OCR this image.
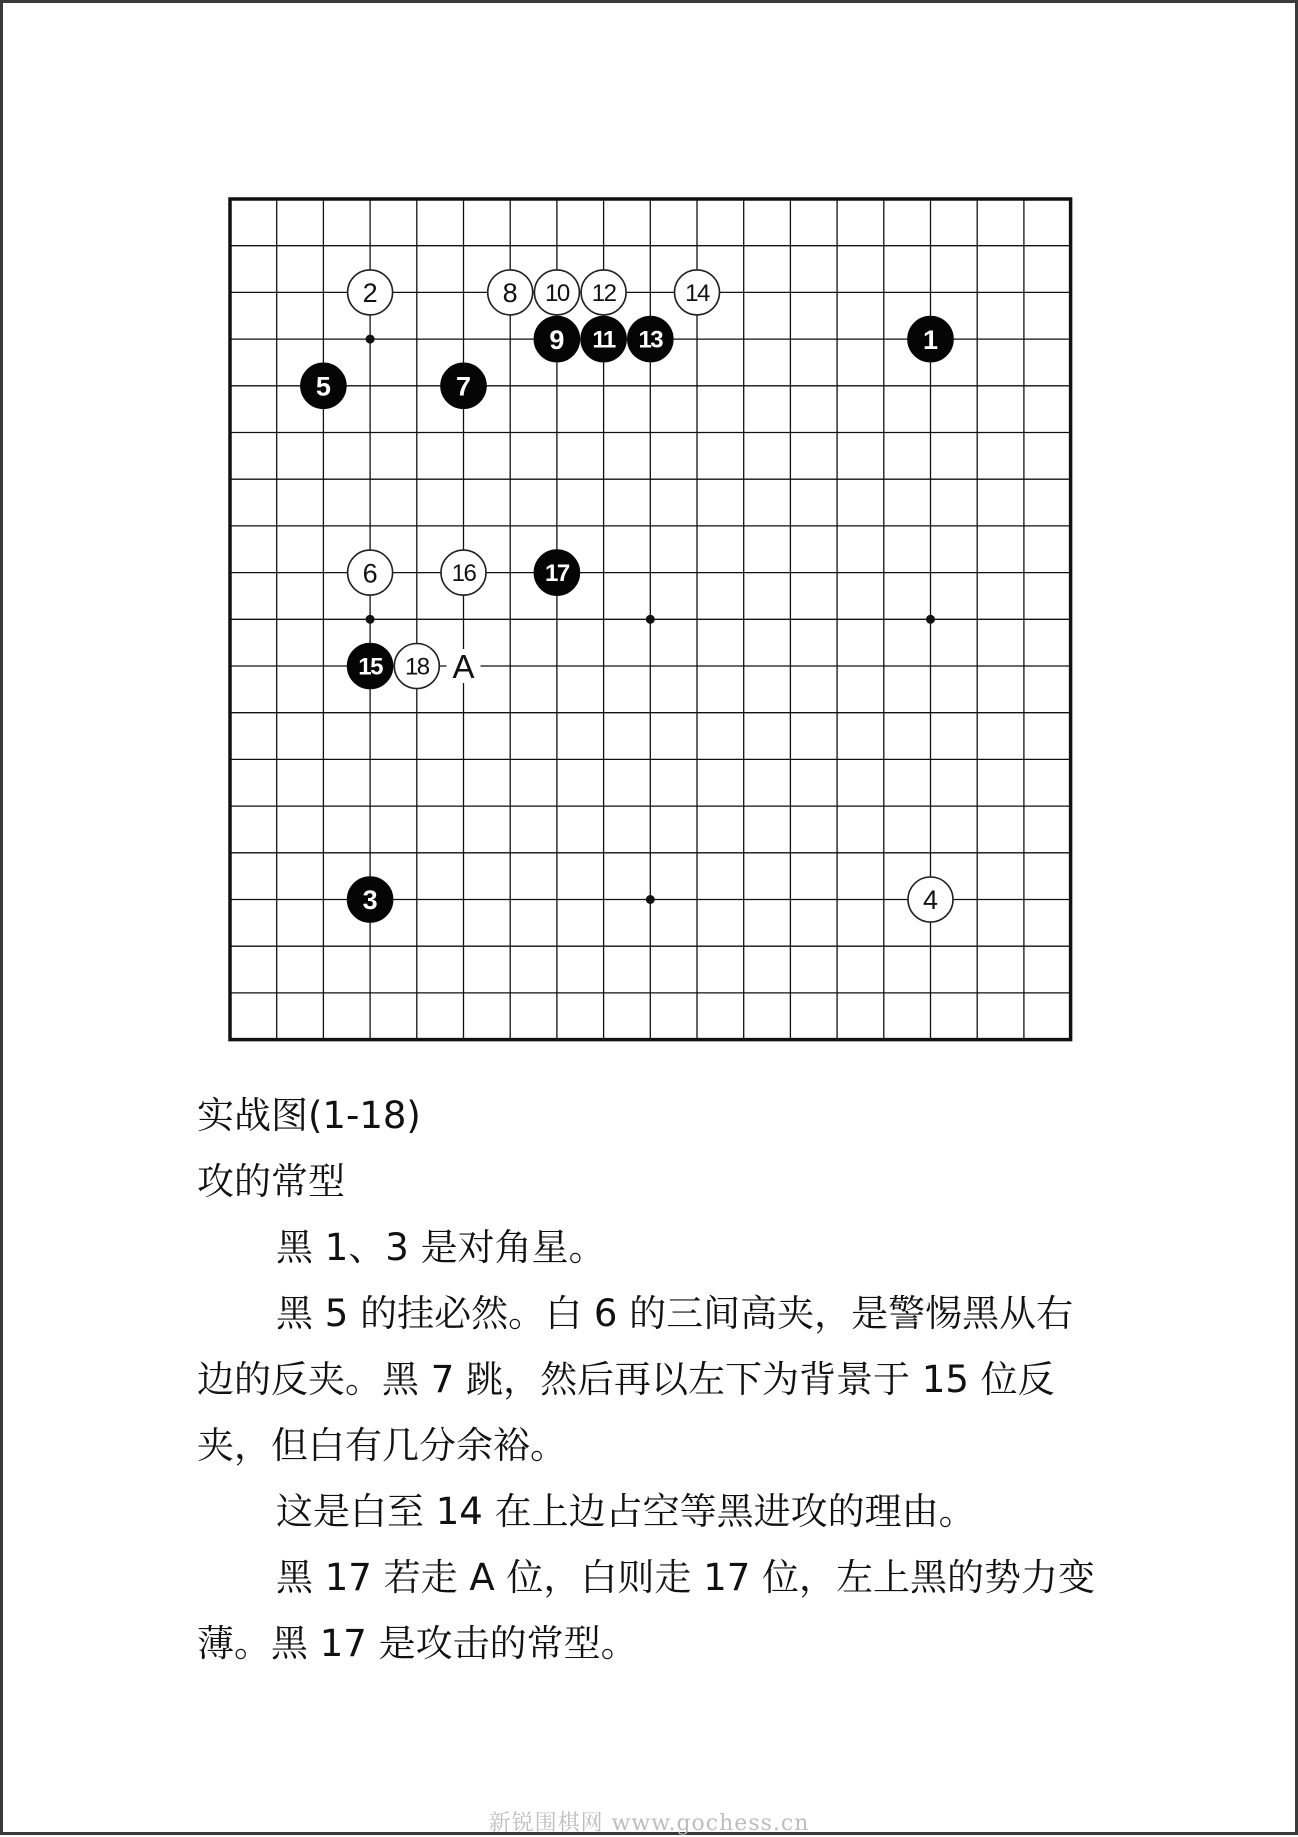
A
1
3
5	7
9 11 13
15
17
2
4
6
8 10 12	14
16
18

实战图(1-18)

攻的常型

黑 1、3 是对角星。

黑 5 的挂必然。白 6 的三间高夹，是警惕黑从右边的反夹。黑 7 跳，然后再以左下为背景于 15 位反夹，但白有几分余裕。

这是白至 14 在上边占空等黑进攻的理由。

黑 17 若走 A 位，白则走 17 位，左上黑的势力变薄。黑 17 是攻击的常型。

新锐围棋网 www.gochess.cn
